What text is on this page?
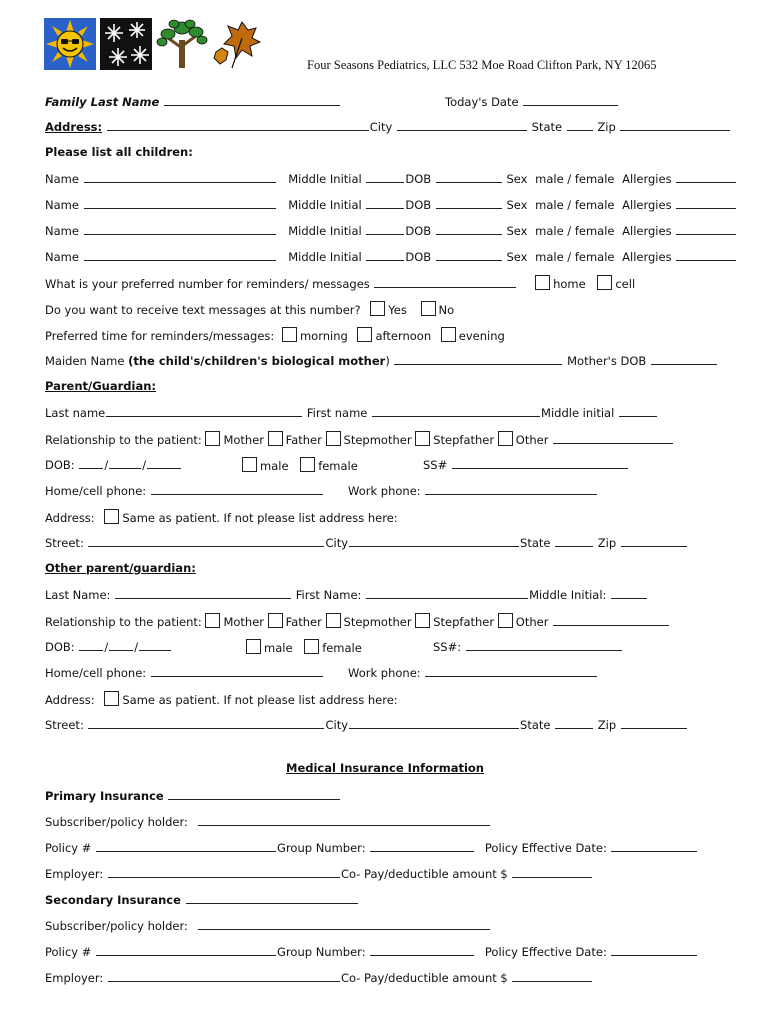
Four Seasons Pediatrics, LLC 532 Moe Road Clifton Park, NY 12065
Family Last Name	Today's Date
Address:	City	State	Zip
Please list all children:
Name	Middle Initial	DOB	Sex male / female Allergies
Name	Middle Initial	DOB	Sex male / female Allergies
Name	Middle Initial	DOB	Sex male / female Allergies
Name	Middle Initial	DOB	Sex male / female Allergies
What is your preferred number for reminders/ messages	home	cell
Do you want to receive text messages at this number? Yes	No
Preferred time for reminders/messages: morning afternoon evening
Maiden Name (the child's/children's biological mother)	Mother's DOB
Parent/Guardian:
Last name	First name	Middle initial
Relationship to the patient: Mother Father Stepmother Stepfather Other
DOB:	/	/	male	female	SS#
Home/cell phone:	Work phone:
Address: Same as patient. If not please list address here:
Street:	City	State	Zip
Other parent/guardian:
Last Name:	First Name:	Middle Initial:
Relationship to the patient: Mother Father Stepmother Stepfather Other
DOB:	/ /	male	female	SS#:
Home/cell phone:	Work phone:
Address: Same as patient. If not please list address here:
Street:	City	State	Zip
Medical Insurance Information
Primary Insurance
Subscriber/policy holder:
Policy #	Group Number:	Policy Effective Date:
Employer:	Co- Pay/deductible amount $
Secondary Insurance
Subscriber/policy holder:
Policy #	Group Number:	Policy Effective Date:
Employer:	Co- Pay/deductible amount $
